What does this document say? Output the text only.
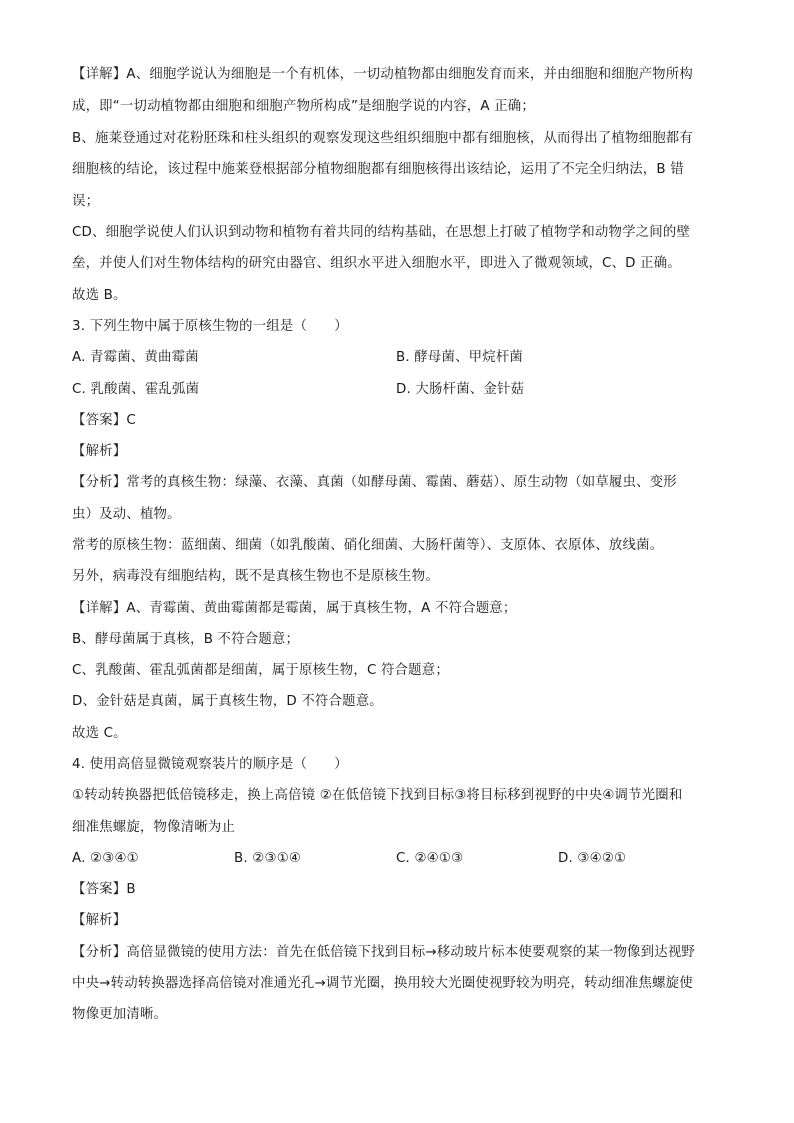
【详解】A、细胞学说认为细胞是一个有机体，一切动植物都由细胞发育而来，并由细胞和细胞产物所构
成，即“一切动植物都由细胞和细胞产物所构成”是细胞学说的内容，A 正确；
B、施莱登通过对花粉胚珠和柱头组织的观察发现这些组织细胞中都有细胞核，从而得出了植物细胞都有
细胞核的结论，该过程中施莱登根据部分植物细胞都有细胞核得出该结论，运用了不完全归纳法，B 错
误；
CD、细胞学说使人们认识到动物和植物有着共同的结构基础，在思想上打破了植物学和动物学之间的壁
垒，并使人们对生物体结构的研究由器官、组织水平进入细胞水平，即进入了微观领域，C、D 正确。
故选 B。
3. 下列生物中属于原核生物的一组是（　　）
A. 青霉菌、黄曲霉菌	B. 酵母菌、甲烷杆菌
C. 乳酸菌、霍乱弧菌	D. 大肠杆菌、金针菇
【答案】C
【解析】
【分析】常考的真核生物：绿藻、衣藻、真菌（如酵母菌、霉菌、蘑菇）、原生动物（如草履虫、变形
虫）及动、植物。
常考的原核生物：蓝细菌、细菌（如乳酸菌、硝化细菌、大肠杆菌等）、支原体、衣原体、放线菌。
另外，病毒没有细胞结构，既不是真核生物也不是原核生物。
【详解】A、青霉菌、黄曲霉菌都是霉菌，属于真核生物，A 不符合题意；
B、酵母菌属于真核，B 不符合题意；
C、乳酸菌、霍乱弧菌都是细菌，属于原核生物，C 符合题意；
D、金针菇是真菌，属于真核生物，D 不符合题意。
故选 C。
4. 使用高倍显微镜观察装片的顺序是（　　）
①转动转换器把低倍镜移走，换上高倍镜 ②在低倍镜下找到目标③将目标移到视野的中央④调节光圈和
细准焦螺旋，物像清晰为止
A. ②③④①	B. ②③①④	C. ②④①③	D. ③④②①
【答案】B
【解析】
【分析】高倍显微镜的使用方法：首先在低倍镜下找到目标→移动玻片标本使要观察的某一物像到达视野
中央→转动转换器选择高倍镜对准通光孔→调节光圈，换用较大光圈使视野较为明亮，转动细准焦螺旋使
物像更加清晰。
